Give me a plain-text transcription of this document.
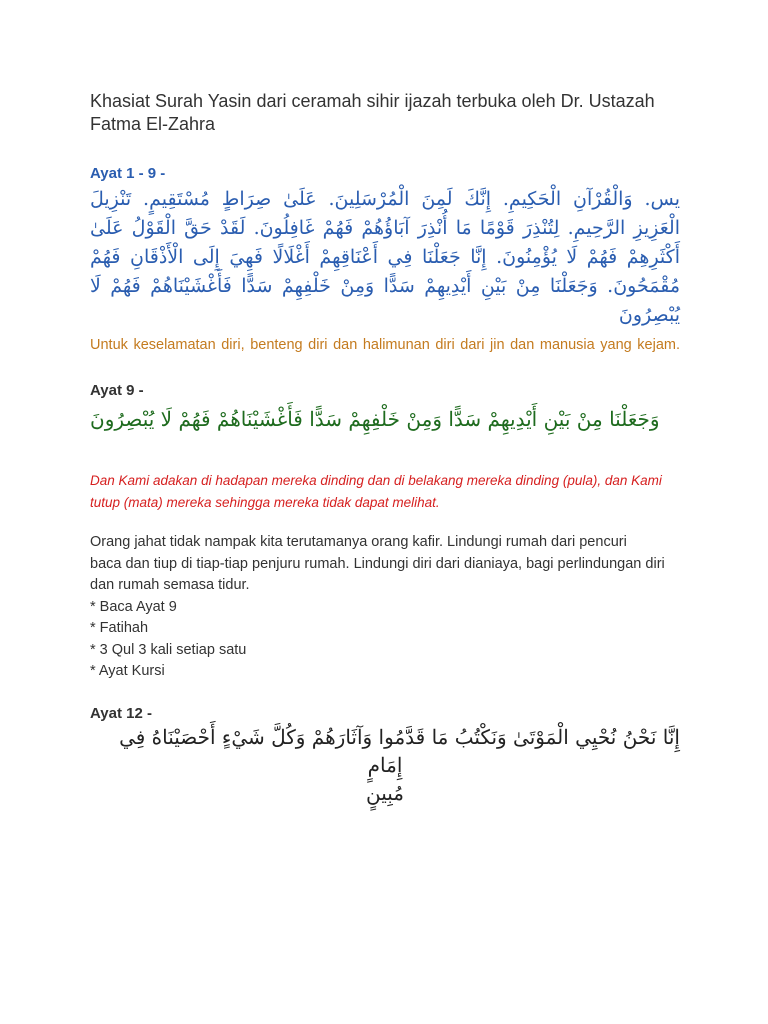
Khasiat Surah Yasin dari ceramah sihir ijazah terbuka oleh Dr. Ustazah Fatma El-Zahra

Ayat 1 - 9 -

يس. وَالْقُرْآنِ الْحَكِيمِ. إِنَّكَ لَمِنَ الْمُرْسَلِينَ. عَلَىٰ صِرَاطٍ مُسْتَقِيمٍ. تَنْزِيلَ الْعَزِيزِ الرَّحِيمِ. لِتُنْذِرَ قَوْمًا مَا أُنْذِرَ آبَاؤُهُمْ فَهُمْ غَافِلُونَ. لَقَدْ حَقَّ الْقَوْلُ عَلَىٰ أَكْثَرِهِمْ فَهُمْ لَا يُؤْمِنُونَ. إِنَّا جَعَلْنَا فِي أَعْنَاقِهِمْ أَغْلَالًا فَهِيَ إِلَى الْأَذْقَانِ فَهُمْ مُقْمَحُونَ. وَجَعَلْنَا مِنْ بَيْنِ أَيْدِيهِمْ سَدًّا وَمِنْ خَلْفِهِمْ سَدًّا فَأَغْشَيْنَاهُمْ فَهُمْ لَا يُبْصِرُونَ

Untuk keselamatan diri, benteng diri dan halimunan diri dari jin dan manusia yang kejam.

Ayat 9 -

وَجَعَلْنَا مِنْ بَيْنِ أَيْدِيهِمْ سَدًّا وَمِنْ خَلْفِهِمْ سَدًّا فَأَغْشَيْنَاهُمْ فَهُمْ لَا يُبْصِرُونَ

Dan Kami adakan di hadapan mereka dinding dan di belakang mereka dinding (pula), dan Kami tutup (mata) mereka sehingga mereka tidak dapat melihat.

Orang jahat tidak nampak kita terutamanya orang kafir. Lindungi rumah dari pencuri

baca dan tiup di tiap-tiap penjuru rumah. Lindungi diri dari dianiaya, bagi perlindungan diri dan rumah semasa tidur.

* Baca Ayat 9
* Fatihah
* 3 Qul 3 kali setiap satu
* Ayat Kursi

Ayat 12 -

إِنَّا نَحْنُ نُحْيِي الْمَوْتَىٰ وَنَكْتُبُ مَا قَدَّمُوا وَآثَارَهُمْ وَكُلَّ شَيْءٍ أَحْصَيْنَاهُ فِي

إِمَامٍ

مُبِينٍ
